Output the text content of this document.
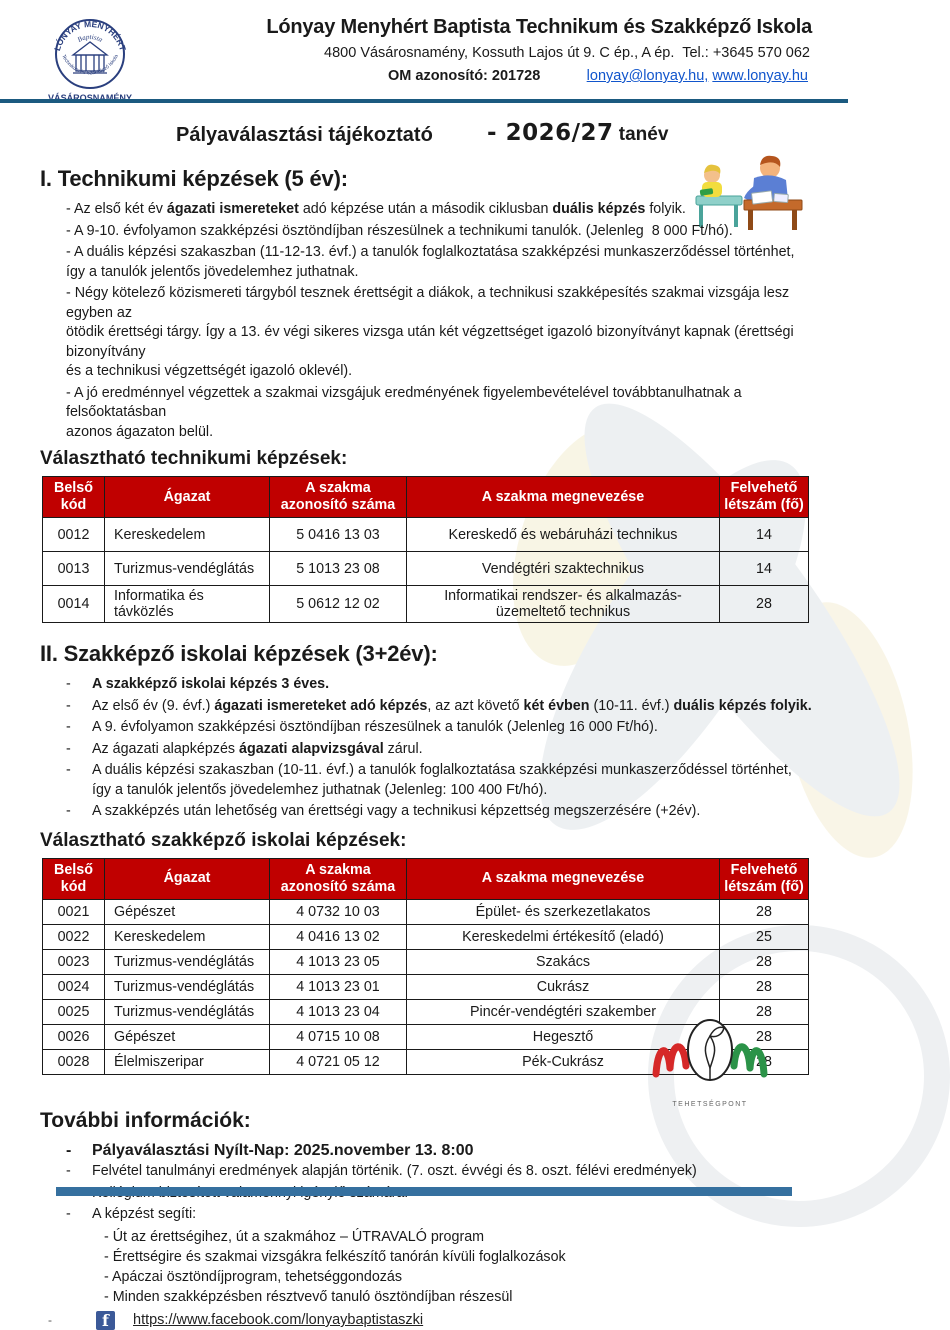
LÓNYAY MENYHÉRT
Baptista
Technikum és Szakképző Iskola
Lónyay Menyhért Baptista Technikum és Szakképző Iskola
4800 Vásárosnamény, Kossuth Lajos út 9. C ép., A ép.  Tel.: +3645 570 062
OM azonosító: 201728	lonyay@lonyay.hu, www.lonyay.hu
Pályaválasztási tájékoztató - 2026/27 tanév
I. Technikumi képzések (5 év):
- Az első két év ágazati ismereteket adó képzése után a második ciklusban duális képzés folyik.
- A 9-10. évfolyamon szakképzési ösztöndíjban részesülnek a technikumi tanulók. (Jelenleg  8 000 Ft/hó).
- A duális képzési szakaszban (11-12-13. évf.) a tanulók foglalkoztatása szakképzési munkaszerződéssel történhet,
így a tanulók jelentős jövedelemhez juthatnak.
- Négy kötelező közismereti tárgyból tesznek érettségit a diákok, a technikusi szakképesítés szakmai vizsgája lesz egyben az
ötödik érettségi tárgy. Így a 13. év végi sikeres vizsga után két végzettséget igazoló bizonyítványt kapnak (érettségi bizonyítvány
és a technikusi végzettségét igazoló oklevél).
- A jó eredménnyel végzettek a szakmai vizsgájuk eredményének figyelembevételével továbbtanulhatnak a felsőoktatásban
azonos ágazaton belül.
Választható technikumi képzések:
Belső kód	Ágazat	A szakma azonosító száma	A szakma megnevezése	Felvehető létszám (fő)
0012	Kereskedelem	5 0416 13 03	Kereskedő és webáruházi technikus	14
0013	Turizmus-vendéglátás	5 1013 23 08	Vendégtéri szaktechnikus	14
0014	Informatika és távközlés	5 0612 12 02	Informatikai rendszer- és alkalmazás-üzemeltető technikus	28
II. Szakképző iskolai képzések (3+2év):
-	A szakképző iskolai képzés 3 éves.
-	Az első év (9. évf.) ágazati ismereteket adó képzés, az azt követő két évben (10-11. évf.) duális képzés folyik.
-	A 9. évfolyamon szakképzési ösztöndíjban részesülnek a tanulók (Jelenleg 16 000 Ft/hó).
-	Az ágazati alapképzés ágazati alapvizsgával zárul.
-	A duális képzési szakaszban (10-11. évf.) a tanulók foglalkoztatása szakképzési munkaszerződéssel történhet,
így a tanulók jelentős jövedelemhez juthatnak (Jelenleg: 100 400 Ft/hó).
-	A szakképzés után lehetőség van érettségi vagy a technikusi képzettség megszerzésére (+2év).
Választható szakképző iskolai képzések:
Belső kód	Ágazat	A szakma azonosító száma	A szakma megnevezése	Felvehető létszám (fő)
0021	Gépészet	4 0732 10 03	Épület- és szerkezetlakatos	28
0022	Kereskedelem	4 0416 13 02	Kereskedelmi értékesítő (eladó)	25
0023	Turizmus-vendéglátás	4 1013 23 05	Szakács	28
0024	Turizmus-vendéglátás	4 1013 23 01	Cukrász	28
0025	Turizmus-vendéglátás	4 1013 23 04	Pincér-vendégtéri szakember	28
0026	Gépészet	4 0715 10 08	Hegesztő	28
0028	Élelmiszeripar	4 0721 05 12	Pék-Cukrász	28
További információk:
-	Pályaválasztási Nyílt-Nap: 2025.november 13. 8:00
-	Felvétel tanulmányi eredmények alapján történik. (7. oszt. évvégi és 8. oszt. félévi eredmények)
-	A képzést segíti:
- Út az érettségihez, út a szakmához – ÚTRAVALÓ program
- Érettségire és szakmai vizsgákra felkészítő tanórán kívüli foglalkozások
- Apáczai ösztöndíjprogram, tehetséggondozás
- Minden szakképzésben résztvevő tanuló ösztöndíjban részesül
-	f	https://www.facebook.com/lonyaybaptistaszki
TEHETSÉGPONT
